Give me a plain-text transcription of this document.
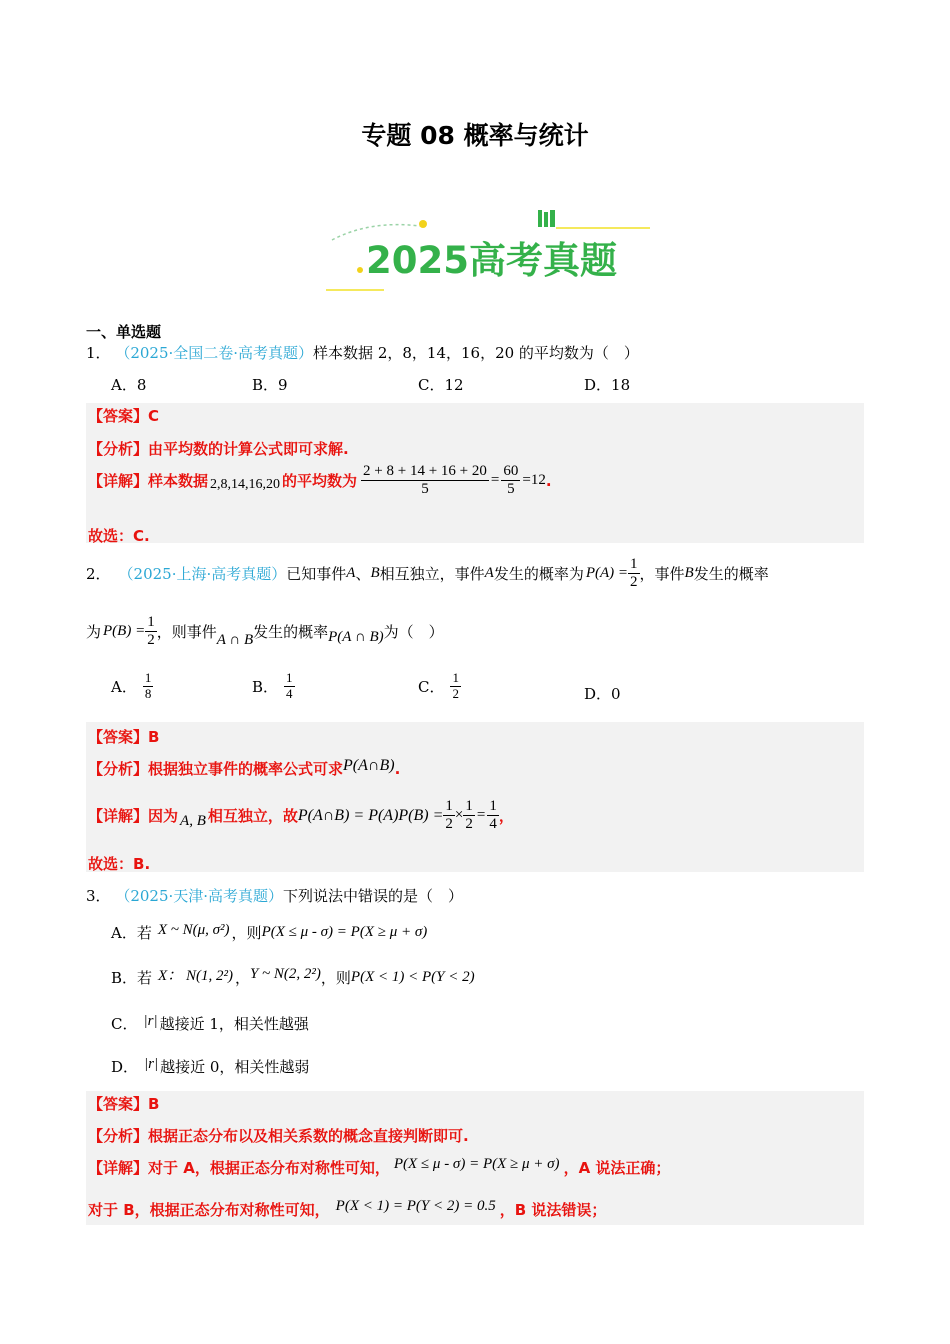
专题 08 概率与统计
2025高考真题
一、单选题
1． （2025·全国二卷·高考真题）样本数据 2，8，14，16，20 的平均数为（　）
A．8	B．9	C．12	D．18
【答案】C
【分析】由平均数的计算公式即可求解.
【详解】 样本数据 2,8,14,16,20 的平均数为 $\frac{2 + 8 + 14 + 16 + 20}{5} = \frac{60}{5} =12$ .
故选：C.
2． （2025·上海·高考真题） 已知事件 A 、 B 相互独立，事件 A 发生的概率为 $P(A) = \frac{1}{2}$ ，事件 B 发生的概率
为 $P(B) = \frac{1}{2}$ ，则事件 A ∩ B 发生的概率 P(A ∩ B) 为（　）
A． $\frac{1}{8}$	B． $\frac{1}{4}$	C． $\frac{1}{2}$	D．0
【答案】B
【分析】 根据独立事件的概率公式可求 P(A∩B) .
【详解】 因为 A, B 相互独立，故 P(A∩B) = $P(A)P(B) = \frac{1}{2} \times \frac{1}{2} = \frac{1}{4}$ ，
故选：B.
3． （2025·天津·高考真题）下列说法中错误的是（　）
A．若 X ~ N(μ, σ²) ，则 P(X ≤ μ - σ) = P(X ≥ μ + σ)
B．若 X： N(1, 2²) ， Y ~ N(2, 2²) ，则 P(X < 1) < P(Y < 2)
C． |r| 越接近 1，相关性越强
D． |r| 越接近 0，相关性越弱
【答案】B
【分析】根据正态分布以及相关系数的概念直接判断即可.
【详解】 对于 A，根据正态分布对称性可知， P(X ≤ μ - σ) = P(X ≥ μ + σ) ，A 说法正确；
对于 B，根据正态分布对称性可知， P(X < 1) = P(Y < 2) = 0.5 ，B 说法错误；
